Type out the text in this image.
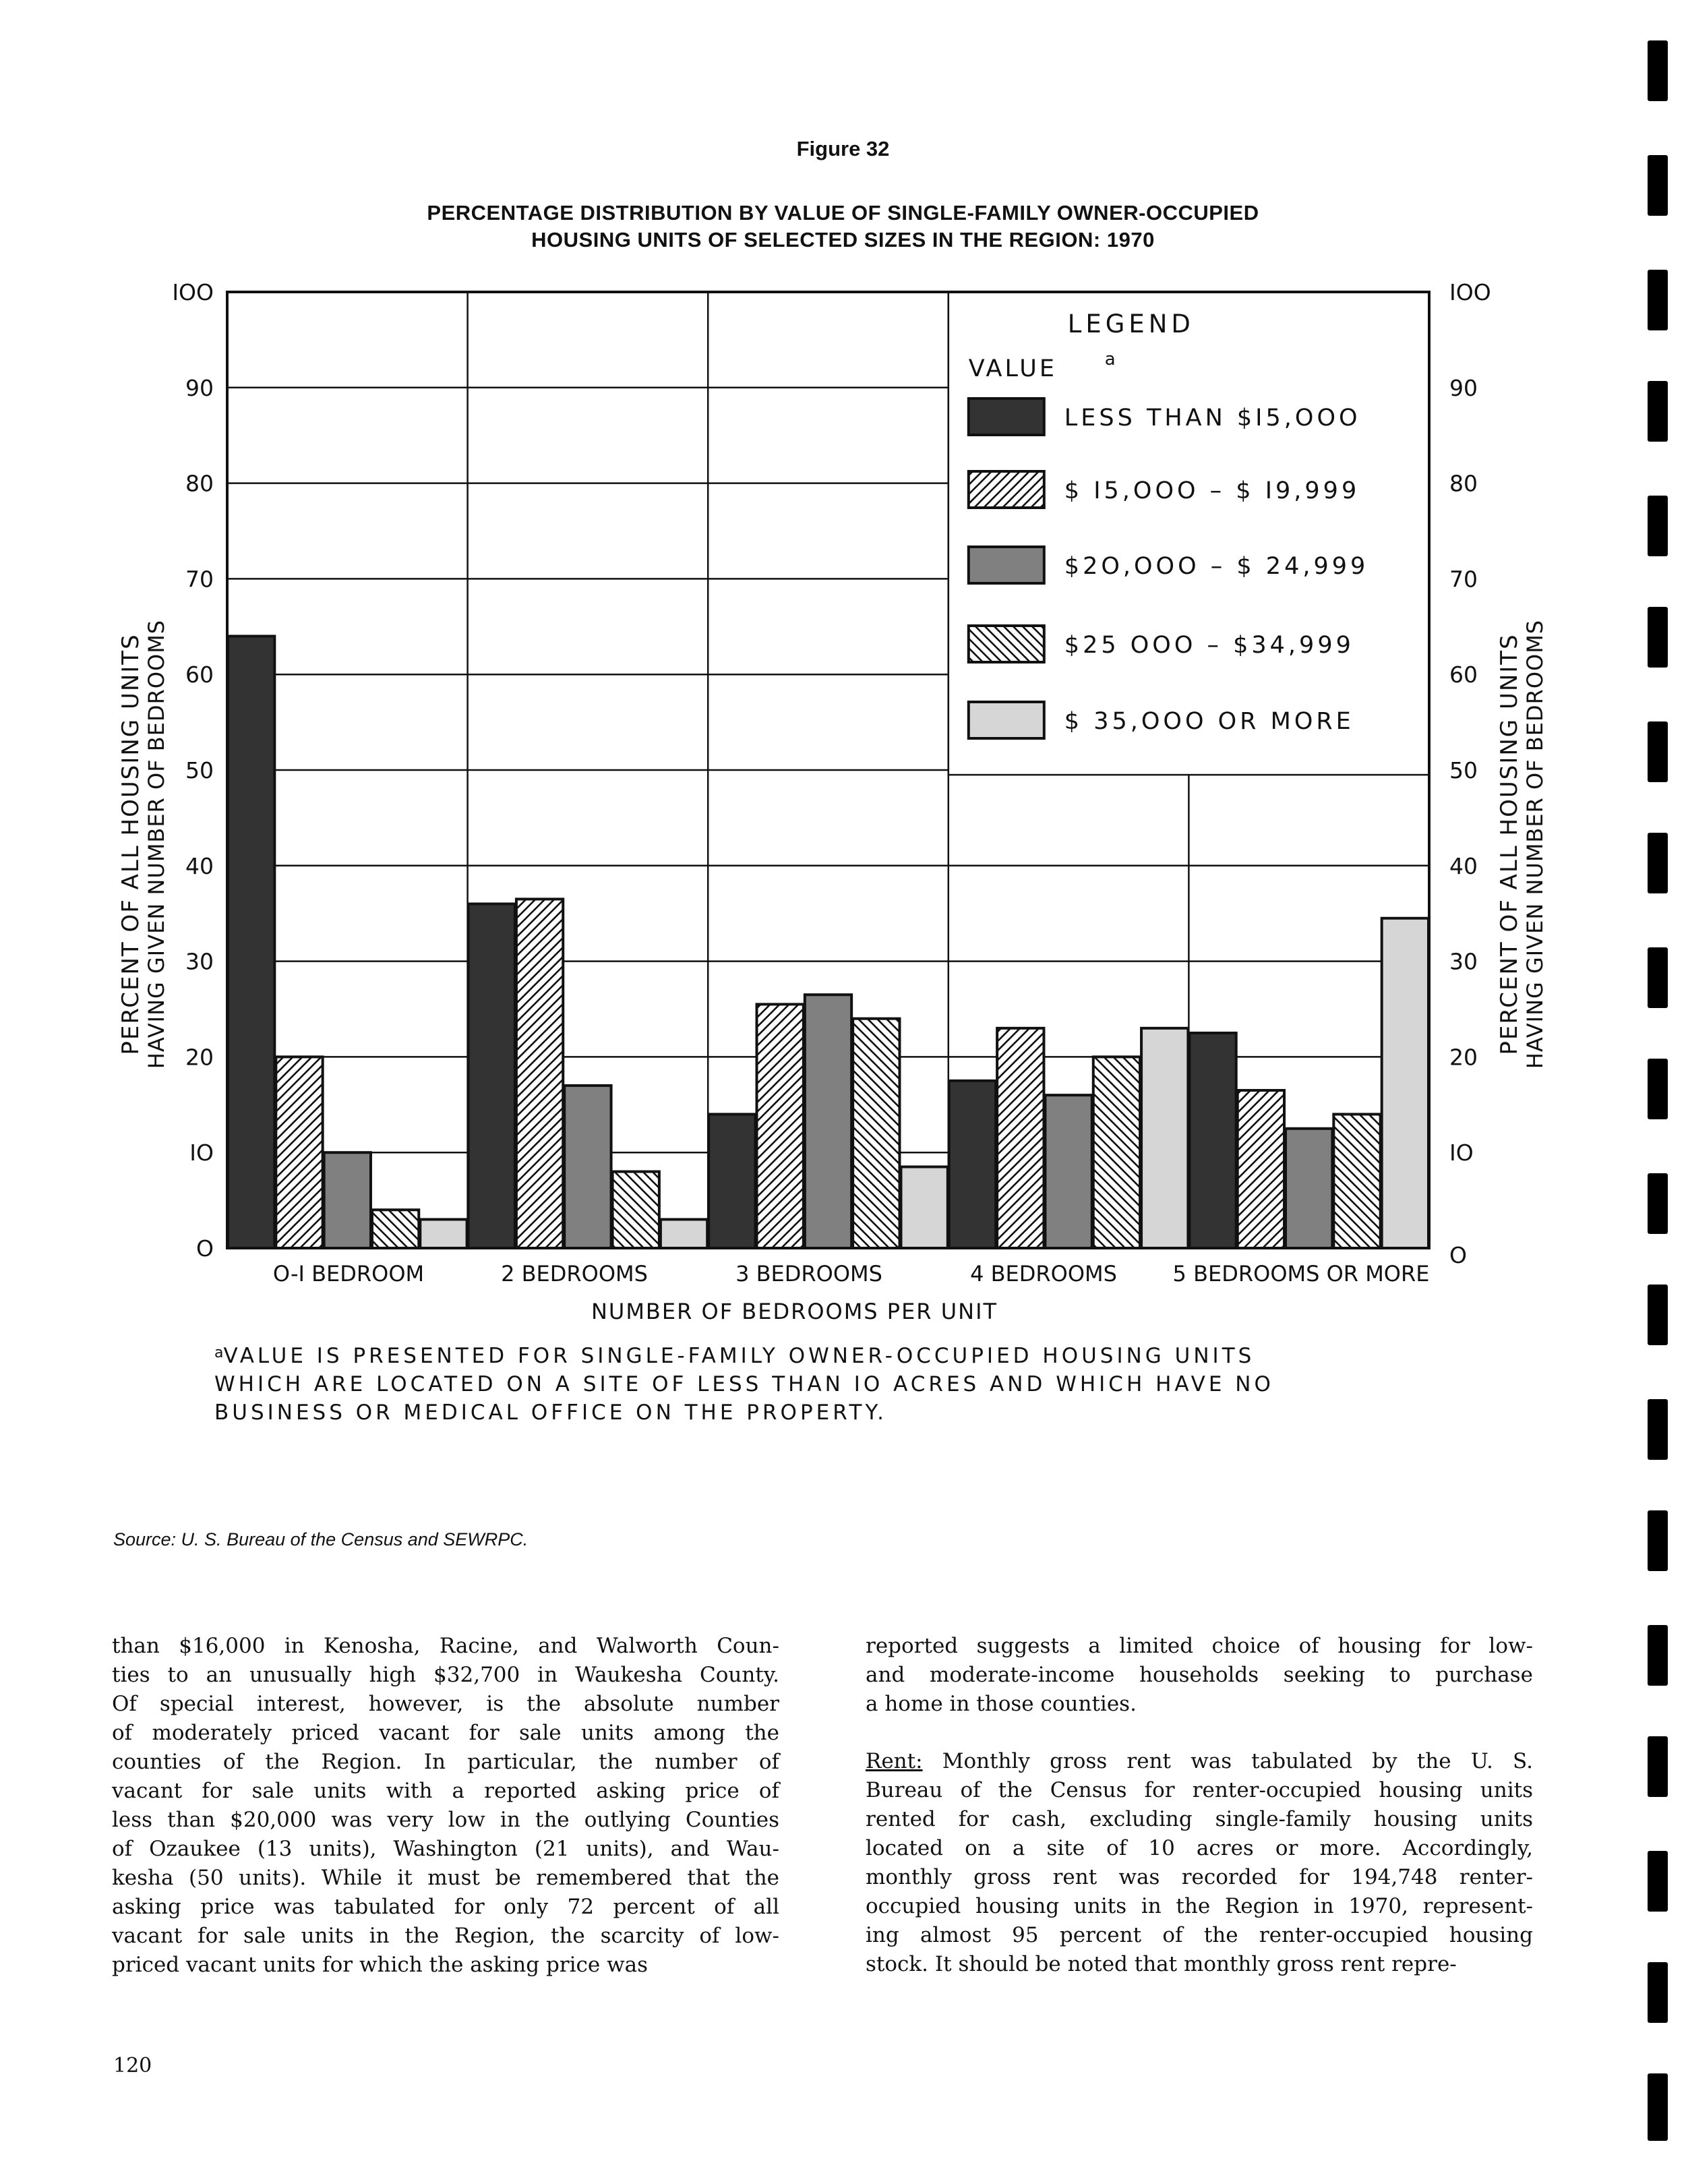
Figure 32
PERCENTAGE DISTRIBUTION BY VALUE OF SINGLE-FAMILY OWNER-OCCUPIED
HOUSING UNITS OF SELECTED SIZES IN THE REGION: 1970
O	O
IO	IO
20	20
30	30
40	40
50	50
60	60
70	70
80	80
90	90
IOO	IOO
O-I BEDROOM	2 BEDROOMS	3 BEDROOMS	4 BEDROOMS	5 BEDROOMS OR MORE
NUMBER OF BEDROOMS PER UNIT
PERCENT OF ALL HOUSING UNITS HAVING GIVEN NUMBER OF BEDROOMS	PERCENT OF ALL HOUSING UNITS HAVING GIVEN NUMBER OF BEDROOMS
LEGEND
VALUE	a
LESS THAN $I5,OOO
$ I5,OOO – $ I9,999
$2O,OOO – $ 24,999
$25 OOO – $34,999
$ 35,OOO OR MORE
$^a$VALUE IS PRESENTED FOR SINGLE-FAMILY OWNER-OCCUPIED HOUSING UNITS
WHICH ARE LOCATED ON A SITE OF LESS THAN IO ACRES AND WHICH HAVE NO
BUSINESS OR MEDICAL OFFICE ON THE PROPERTY.
Source: U. S. Bureau of the Census and SEWRPC.

than $16,000 in Kenosha, Racine, and Walworth Coun-
ties to an unusually high $32,700 in Waukesha County.
Of special interest, however, is the absolute number
of moderately priced vacant for sale units among the
counties of the Region. In particular, the number of
vacant for sale units with a reported asking price of
less than $20,000 was very low in the outlying Counties
of Ozaukee (13 units), Washington (21 units), and Wau-
kesha (50 units). While it must be remembered that the
asking price was tabulated for only 72 percent of all
vacant for sale units in the Region, the scarcity of low-
priced vacant units for which the asking price was

reported suggests a limited choice of housing for low-
and moderate-income households seeking to purchase
a home in those counties.

Rent: Monthly gross rent was tabulated by the U. S.
Bureau of the Census for renter-occupied housing units
rented for cash, excluding single-family housing units
located on a site of 10 acres or more. Accordingly,
monthly gross rent was recorded for 194,748 renter-
occupied housing units in the Region in 1970, represent-
ing almost 95 percent of the renter-occupied housing
stock. It should be noted that monthly gross rent repre-

120
